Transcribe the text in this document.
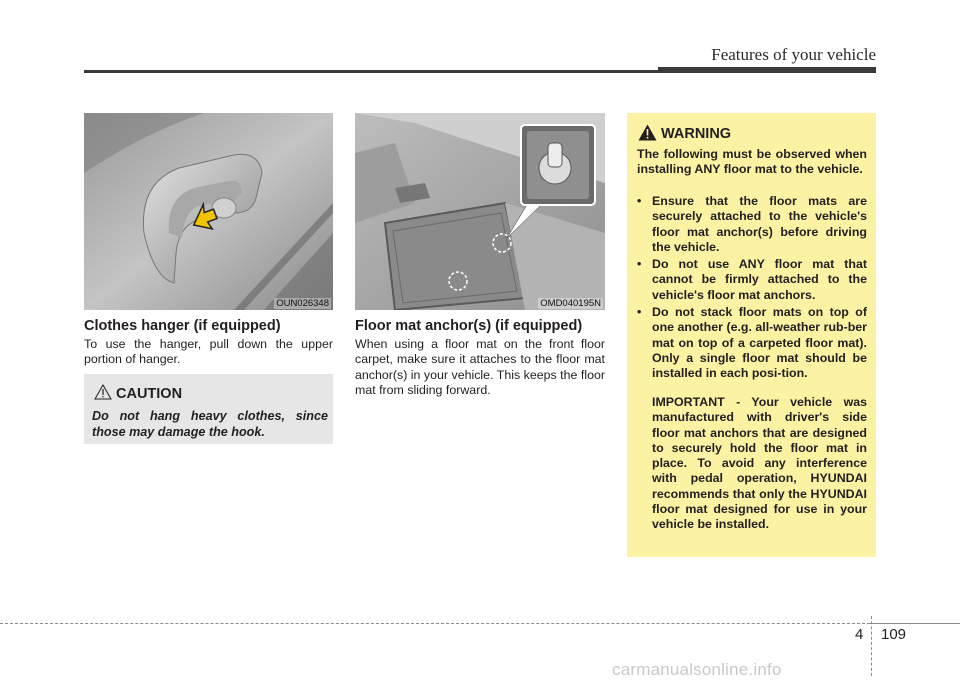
Features of your vehicle
OUN026348	OMD040195N
Clothes hanger (if equipped)
To use the hanger, pull down the upper portion of hanger.
CAUTION
Do not hang heavy clothes, since those may damage the hook.
Floor mat anchor(s) (if equipped)
When using a floor mat on the front floor carpet, make sure it attaches to the floor mat anchor(s) in your vehicle. This keeps the floor mat from sliding forward.
WARNING
The following must be observed when installing ANY floor mat to the vehicle.
• Ensure that the floor mats are securely attached to the vehicle's floor mat anchor(s) before driving the vehicle.
• Do not use ANY floor mat that cannot be firmly attached to the vehicle's floor mat anchors.
• Do not stack floor mats on top of one another (e.g. all-weather rub-ber mat on top of a carpeted floor mat). Only a single floor mat should be installed in each posi-tion.
IMPORTANT - Your vehicle was manufactured with driver's side floor mat anchors that are designed to securely hold the floor mat in place. To avoid any interference with pedal operation, HYUNDAI recommends that only the HYUNDAI floor mat designed for use in your vehicle be installed.
4 109
carmanualsonline.info
